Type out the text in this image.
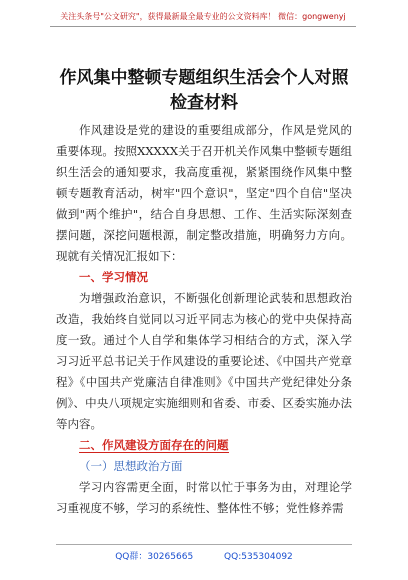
关注头条号"公文研究"，获得最新最全最专业的公文资料库！ 微信：gongwenyj
作风集中整顿专题组织生活会个人对照检查材料

作风建设是党的建设的重要组成部分，作风是党风的重要体现。按照XXXXX关于召开机关作风集中整顿专题组织生活会的通知要求，我高度重视，紧紧围绕作风集中整顿专题教育活动，树牢"四个意识"，坚定"四个自信"坚决做到"两个维护"，结合自身思想、工作、生活实际深刻查摆问题，深挖问题根源，制定整改措施，明确努力方向。现就有关情况汇报如下：

一、学习情况

为增强政治意识，不断强化创新理论武装和思想政治改造，我始终自觉同以习近平同志为核心的党中央保持高度一致。通过个人自学和集体学习相结合的方式，深入学习习近平总书记关于作风建设的重要论述、《中国共产党章程》《中国共产党廉洁自律准则》《中国共产党纪律处分条例》、中央八项规定实施细则和省委、市委、区委实施办法等内容。

二、作风建设方面存在的问题

（一）思想政治方面

学习内容需更全面，时常以忙于事务为由，对理论学习重视度不够，学习的系统性、整体性不够；党性修养需

QQ群：30265665	QQ:535304092
